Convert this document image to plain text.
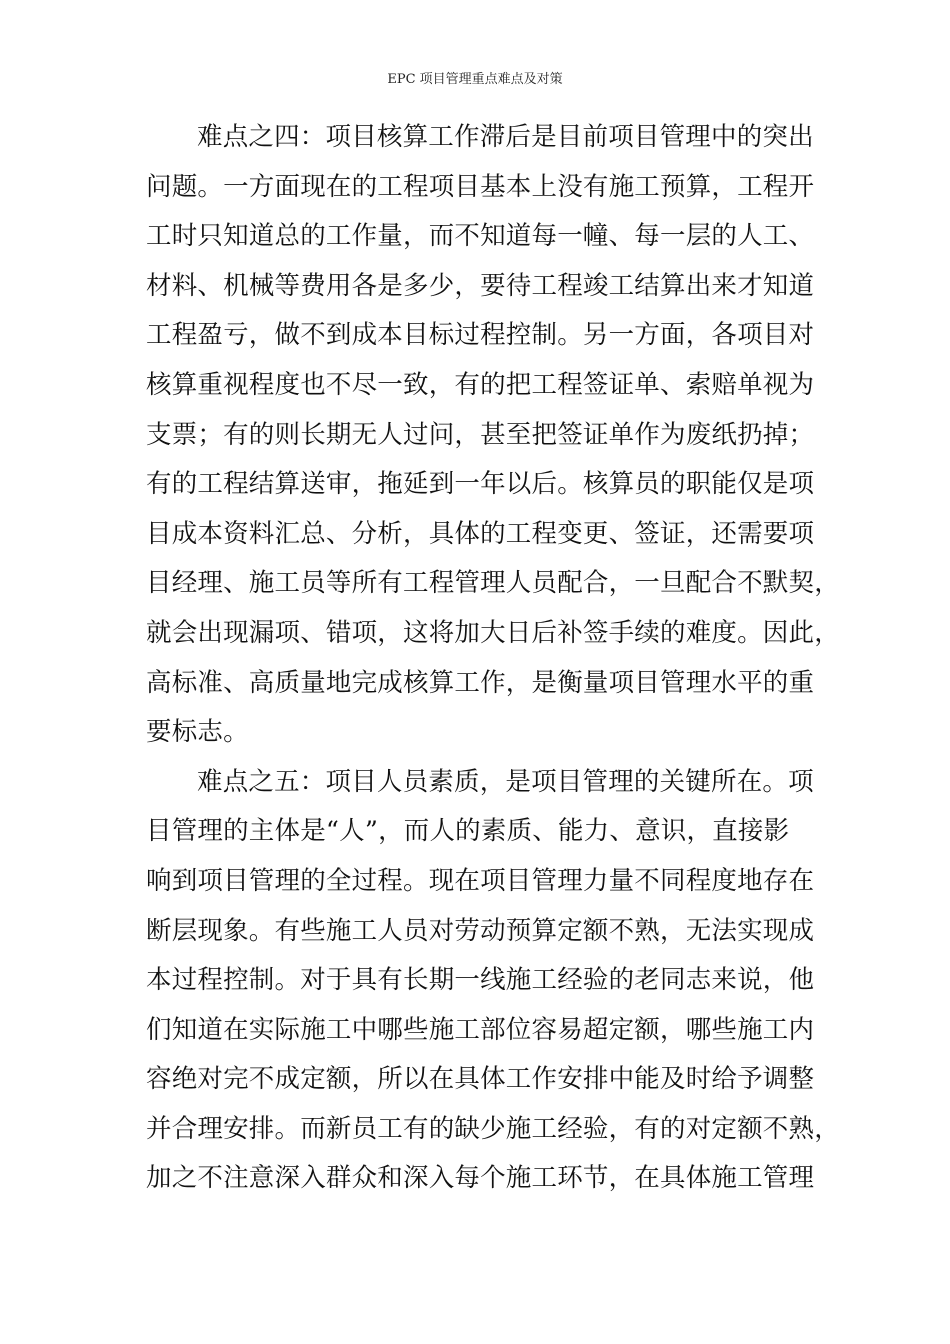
EPC 项目管理重点难点及对策
难点之四：项目核算工作滞后是目前项目管理中的突出
问题。一方面现在的工程项目基本上没有施工预算，工程开
工时只知道总的工作量，而不知道每一幢、每一层的人工、
材料、机械等费用各是多少，要待工程竣工结算出来才知道
工程盈亏，做不到成本目标过程控制。另一方面，各项目对
核算重视程度也不尽一致，有的把工程签证单、索赔单视为
支票；有的则长期无人过问，甚至把签证单作为废纸扔掉；
有的工程结算送审，拖延到一年以后。核算员的职能仅是项
目成本资料汇总、分析，具体的工程变更、签证，还需要项
目经理、施工员等所有工程管理人员配合，一旦配合不默契，
就会出现漏项、错项，这将加大日后补签手续的难度。因此，
高标准、高质量地完成核算工作，是衡量项目管理水平的重
要标志。
难点之五：项目人员素质，是项目管理的关键所在。项
目管理的主体是“人”，而人的素质、能力、意识，直接影
响到项目管理的全过程。现在项目管理力量不同程度地存在
断层现象。有些施工人员对劳动预算定额不熟，无法实现成
本过程控制。对于具有长期一线施工经验的老同志来说，他
们知道在实际施工中哪些施工部位容易超定额，哪些施工内
容绝对完不成定额，所以在具体工作安排中能及时给予调整
并合理安排。而新员工有的缺少施工经验，有的对定额不熟，
加之不注意深入群众和深入每个施工环节，在具体施工管理
